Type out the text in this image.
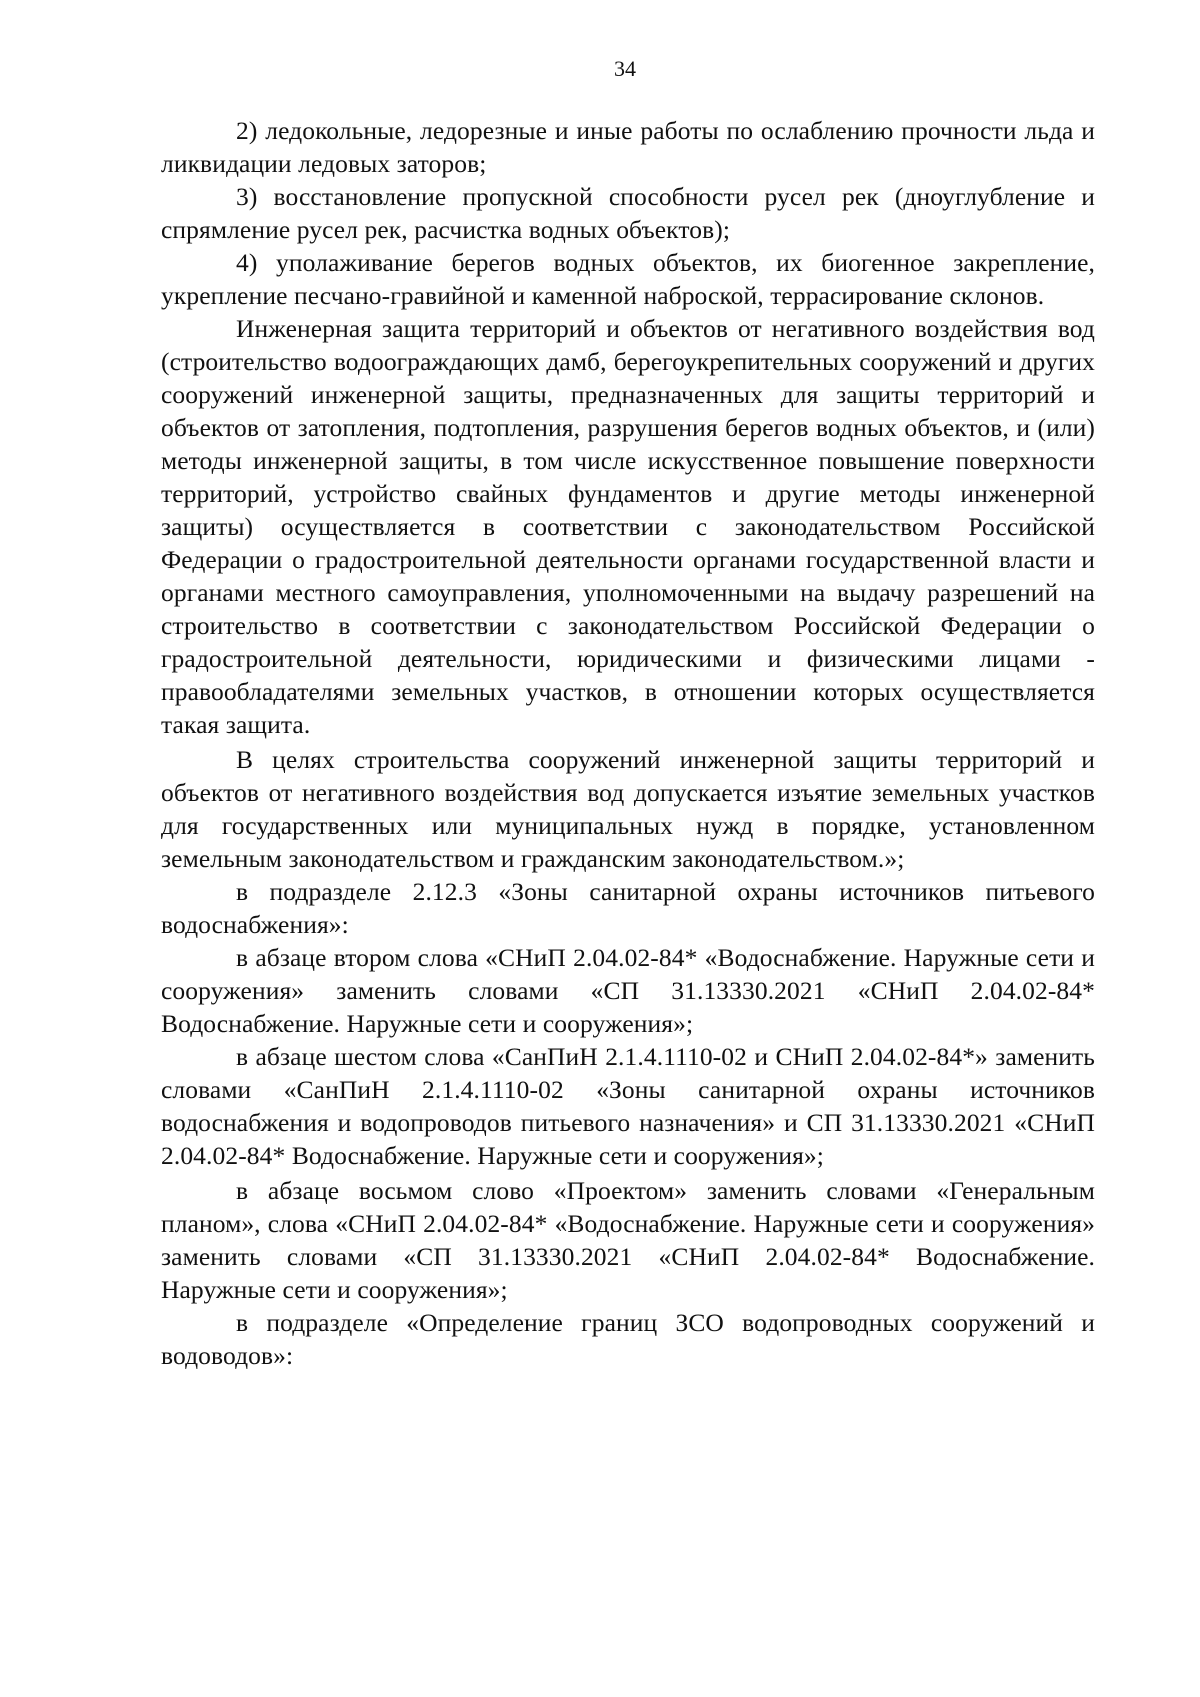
34

2) ледокольные, ледорезные и иные работы по ослаблению прочности льда и ликвидации ледовых заторов;

3) восстановление пропускной способности русел рек (дноуглубление и спрямление русел рек, расчистка водных объектов);

4) уполаживание берегов водных объектов, их биогенное закрепление, укрепление песчано-гравийной и каменной наброской, террасирование склонов.

Инженерная защита территорий и объектов от негативного воздействия вод (строительство водоограждающих дамб, берегоукрепительных сооружений и других сооружений инженерной защиты, предназначенных для защиты территорий и объектов от затопления, подтопления, разрушения берегов водных объектов, и (или) методы инженерной защиты, в том числе искусственное повышение поверхности территорий, устройство свайных фундаментов и другие методы инженерной защиты) осуществляется в соответствии с законодательством Российской Федерации о градостроительной деятельности органами государственной власти и органами местного самоуправления, уполномоченными на выдачу разрешений на строительство в соответствии с законодательством Российской Федерации о градостроительной деятельности, юридическими и физическими лицами - правообладателями земельных участков, в отношении которых осуществляется такая защита.

В целях строительства сооружений инженерной защиты территорий и объектов от негативного воздействия вод допускается изъятие земельных участков для государственных или муниципальных нужд в порядке, установленном земельным законодательством и гражданским законодательством.»;

в подразделе 2.12.3 «Зоны санитарной охраны источников питьевого водоснабжения»:

в абзаце втором слова «СНиП 2.04.02-84* «Водоснабжение. Наружные сети и сооружения» заменить словами «СП 31.13330.2021 «СНиП 2.04.02-84* Водоснабжение. Наружные сети и сооружения»;

в абзаце шестом слова «СанПиН 2.1.4.1110-02 и СНиП 2.04.02-84*» заменить словами «СанПиН 2.1.4.1110-02 «Зоны санитарной охраны источников водоснабжения и водопроводов питьевого назначения» и СП 31.13330.2021 «СНиП 2.04.02-84* Водоснабжение. Наружные сети и сооружения»;

в абзаце восьмом слово «Проектом» заменить словами «Генеральным планом», слова «СНиП 2.04.02-84* «Водоснабжение. Наружные сети и сооружения» заменить словами «СП 31.13330.2021 «СНиП 2.04.02-84* Водоснабжение. Наружные сети и сооружения»;

в подразделе «Определение границ ЗСО водопроводных сооружений и водоводов»:
